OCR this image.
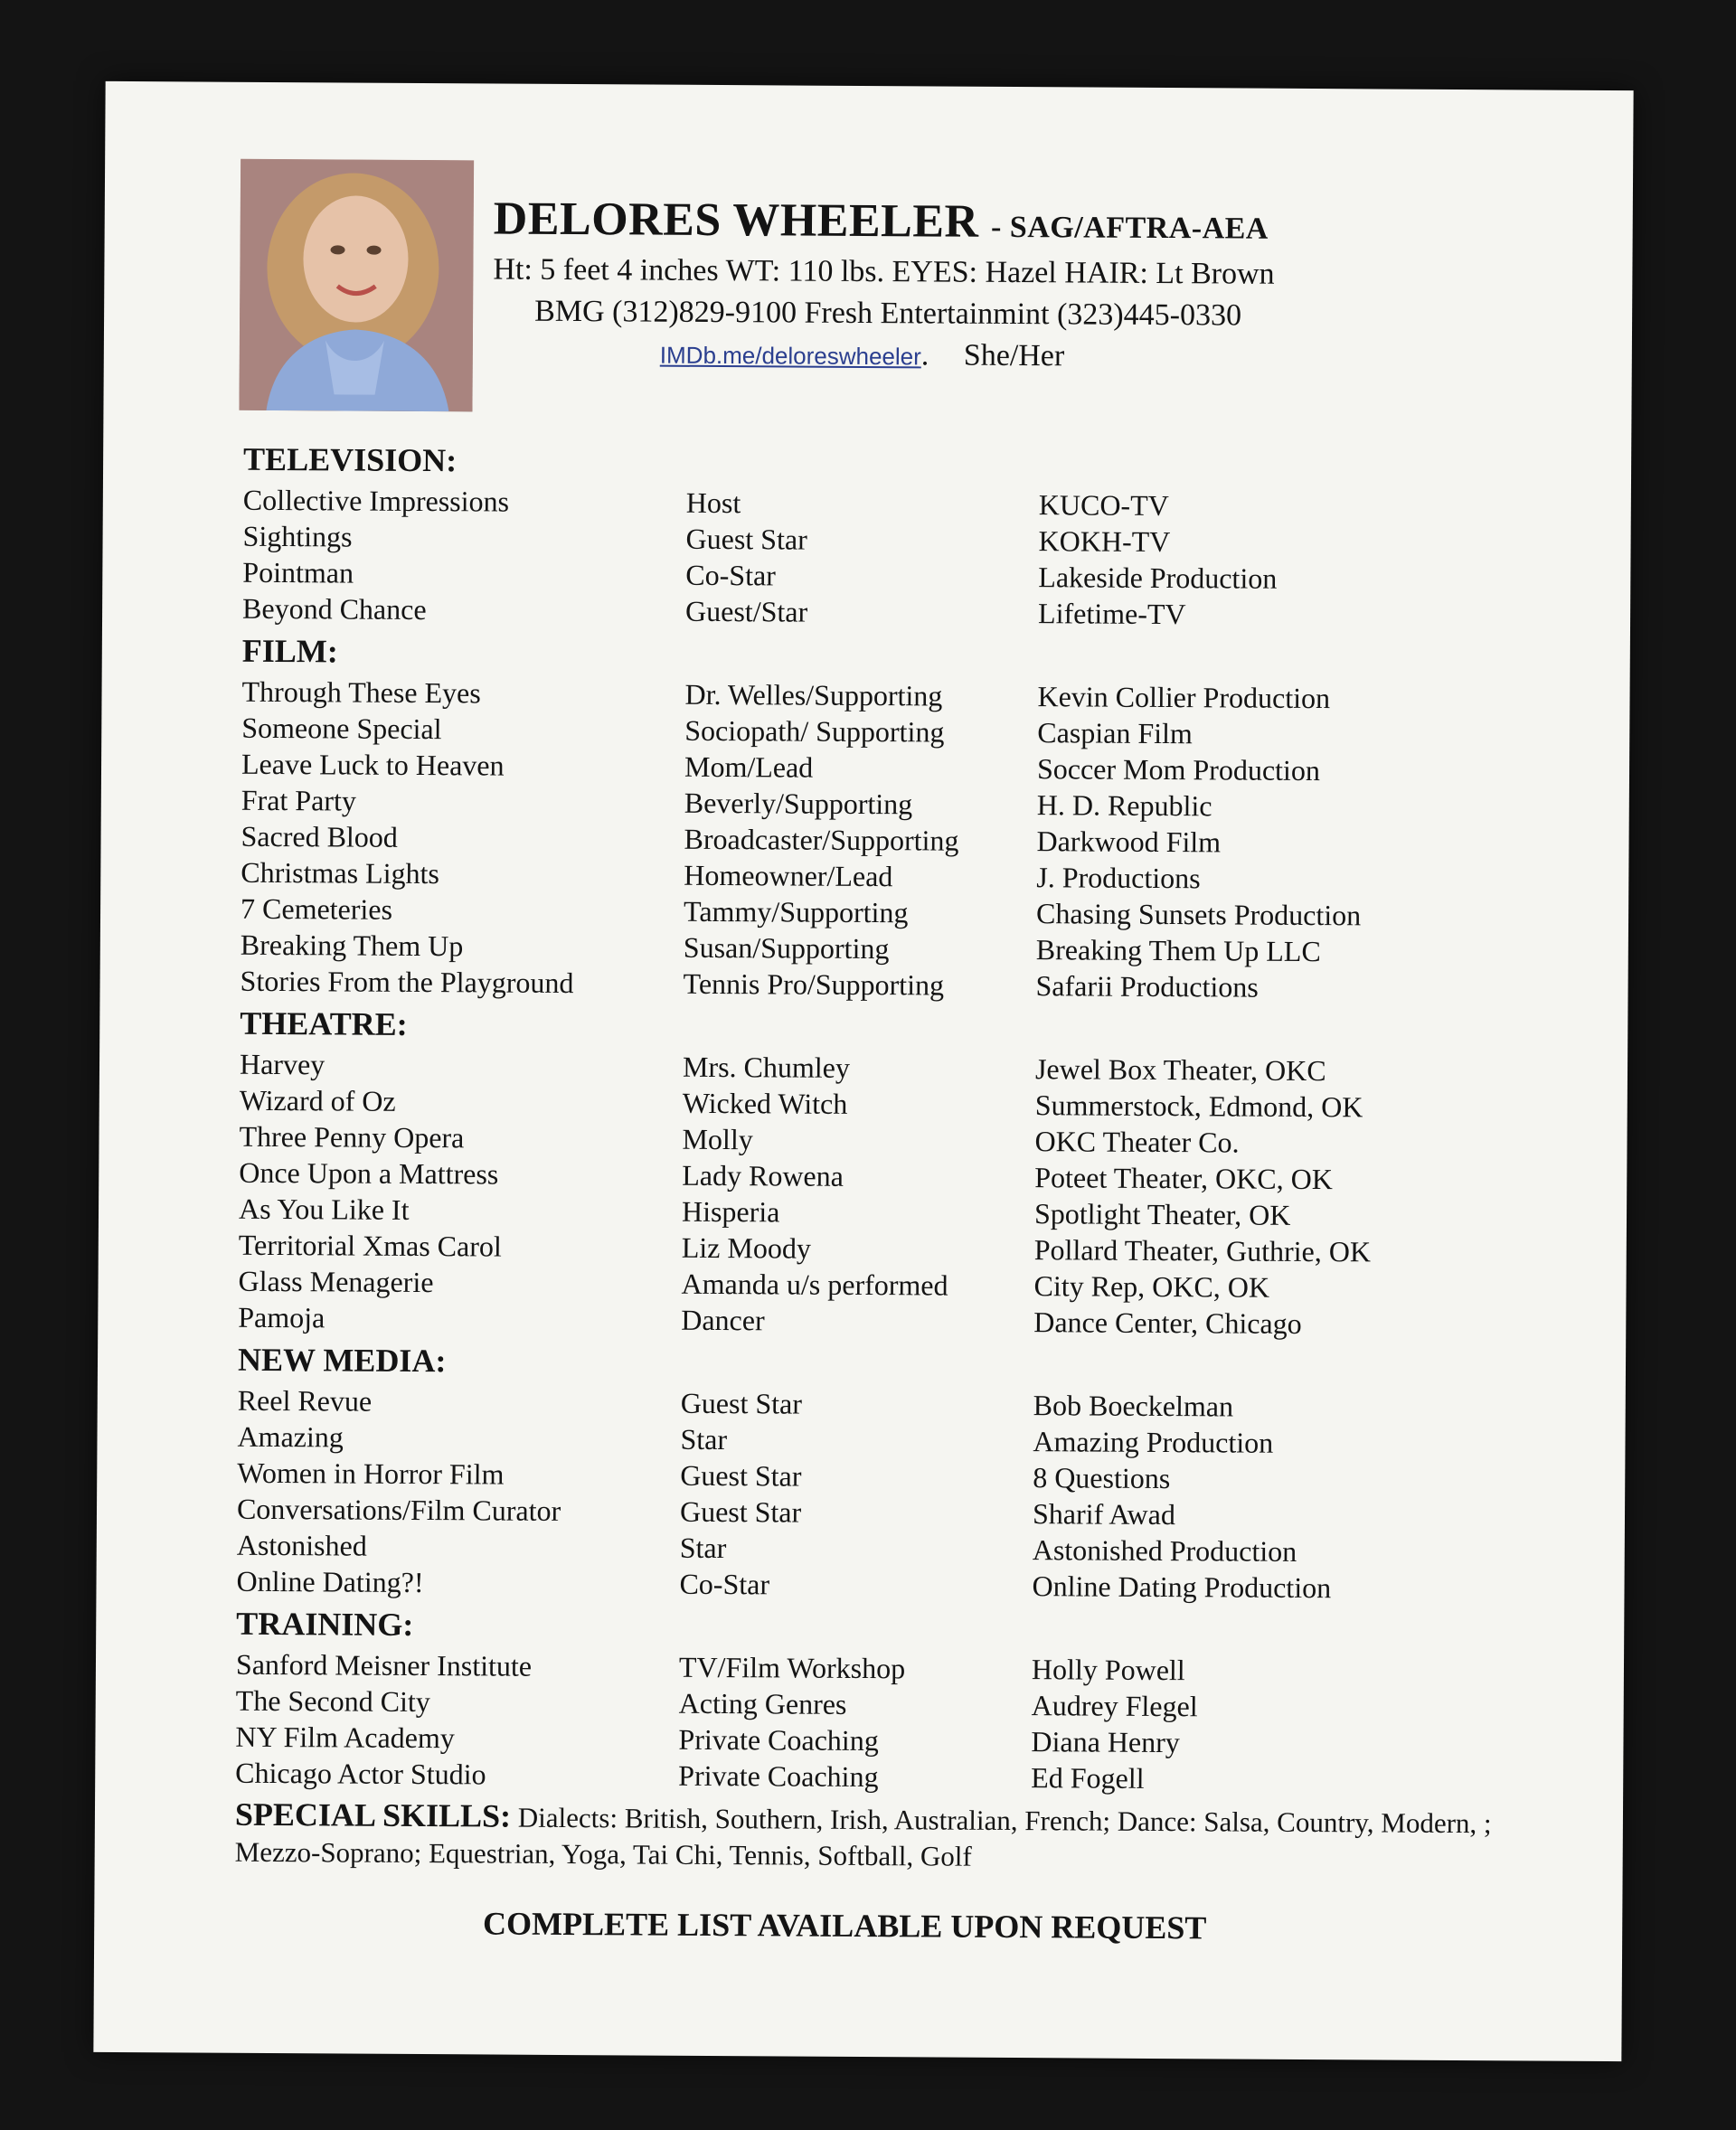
DELORES WHEELER - SAG/AFTRA-AEA
Ht: 5 feet 4 inches WT: 110 lbs. EYES: Hazel HAIR: Lt Brown
BMG (312)829-9100 Fresh Entertainmint (323)445-0330
IMDb.me/deloreswheeler. She/Her
TELEVISION:
Collective Impressions	Host	KUCO-TV
Sightings	Guest Star	KOKH-TV
Pointman	Co-Star	Lakeside Production
Beyond Chance	Guest/Star	Lifetime-TV
FILM:
Through These Eyes	Dr. Welles/Supporting	Kevin Collier Production
Someone Special	Sociopath/ Supporting	Caspian Film
Leave Luck to Heaven	Mom/Lead	Soccer Mom Production
Frat Party	Beverly/Supporting	H. D. Republic
Sacred Blood	Broadcaster/Supporting	Darkwood Film
Christmas Lights	Homeowner/Lead	J. Productions
7 Cemeteries	Tammy/Supporting	Chasing Sunsets Production
Breaking Them Up	Susan/Supporting	Breaking Them Up LLC
Stories From the Playground	Tennis Pro/Supporting	Safarii Productions
THEATRE:
Harvey	Mrs. Chumley	Jewel Box Theater, OKC
Wizard of Oz	Wicked Witch	Summerstock, Edmond, OK
Three Penny Opera	Molly	OKC Theater Co.
Once Upon a Mattress	Lady Rowena	Poteet Theater, OKC, OK
As You Like It	Hisperia	Spotlight Theater, OK
Territorial Xmas Carol	Liz Moody	Pollard Theater, Guthrie, OK
Glass Menagerie	Amanda u/s performed	City Rep, OKC, OK
Pamoja	Dancer	Dance Center, Chicago
NEW MEDIA:
Reel Revue	Guest Star	Bob Boeckelman
Amazing	Star	Amazing Production
Women in Horror Film	Guest Star	8 Questions
Conversations/Film Curator	Guest Star	Sharif Awad
Astonished	Star	Astonished Production
Online Dating?!	Co-Star	Online Dating Production
TRAINING:
Sanford Meisner Institute	TV/Film Workshop	Holly Powell
The Second City	Acting Genres	Audrey Flegel
NY Film Academy	Private Coaching	Diana Henry
Chicago Actor Studio	Private Coaching	Ed Fogell
SPECIAL SKILLS: Dialects: British, Southern, Irish, Australian, French; Dance: Salsa, Country, Modern, ; Mezzo-Soprano; Equestrian, Yoga, Tai Chi, Tennis, Softball, Golf
COMPLETE LIST AVAILABLE UPON REQUEST
